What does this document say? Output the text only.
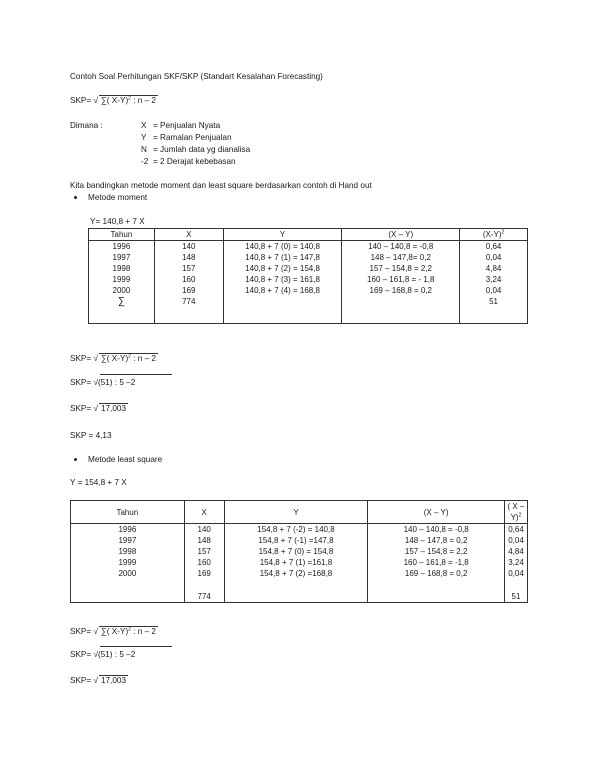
Contoh Soal Perhitungan SKF/SKP (Standart Kesalahan Forecasting)
SKP= √ ∑( X-Y)$^2$ : n – 2
Dimana :	X = Penjualan Nyata
Y = Ramalan Penjualan
N = Jumlah data yg dianalisa
-2 = 2 Derajat kebebasan
Kita bandingkan metode moment dan least square berdasarkan contoh di Hand out
Metode moment
Y= 140,8 + 7 X
Tahun	X	Y	(X – Y)	$(X-Y)^2$
1996	140	140,8 + 7 (0) = 140,8	140 – 140,8 = -0,8	0,64
1997	148	140,8 + 7 (1) = 147,8	148 – 147,8= 0,2	0,04
1998	157	140,8 + 7 (2) = 154,8	157 – 154,8 = 2,2	4,84
1999	160	140,8 + 7 (3) = 161,8	160 – 161,8 = - 1,8	3,24
2000	169	140,8 + 7 (4) = 168,8	169 – 168,8 = 0,2	0,04
∑	774			51

SKP= √ ∑( X-Y)$^2$ : n – 2
SKP= √(51) : 5 –2
SKP= √ 17,003
SKP = 4,13
Metode least square
Y = 154,8 + 7 X
Tahun	X	Y	(X – Y)	( X – Y)$^2$
1996	140	154,8 + 7 (-2) = 140,8	140 – 140,8 = -0,8	0,64
1997	148	154,8 + 7 (-1) =147,8	148 – 147,8 = 0,2	0,04
1998	157	154,8 + 7 (0) = 154,8	157 – 154,8 = 2,2	4,84
1999	160	154,8 + 7 (1) =161,8	160 – 161,8 = -1,8	3,24
2000	169	154,8 + 7 (2) =168,8	169 – 168,8 = 0,2	0,04

	774			51
SKP= √ ∑( X-Y)$^2$ : n – 2
SKP= √(51) : 5 –2
SKP= √ 17,003
